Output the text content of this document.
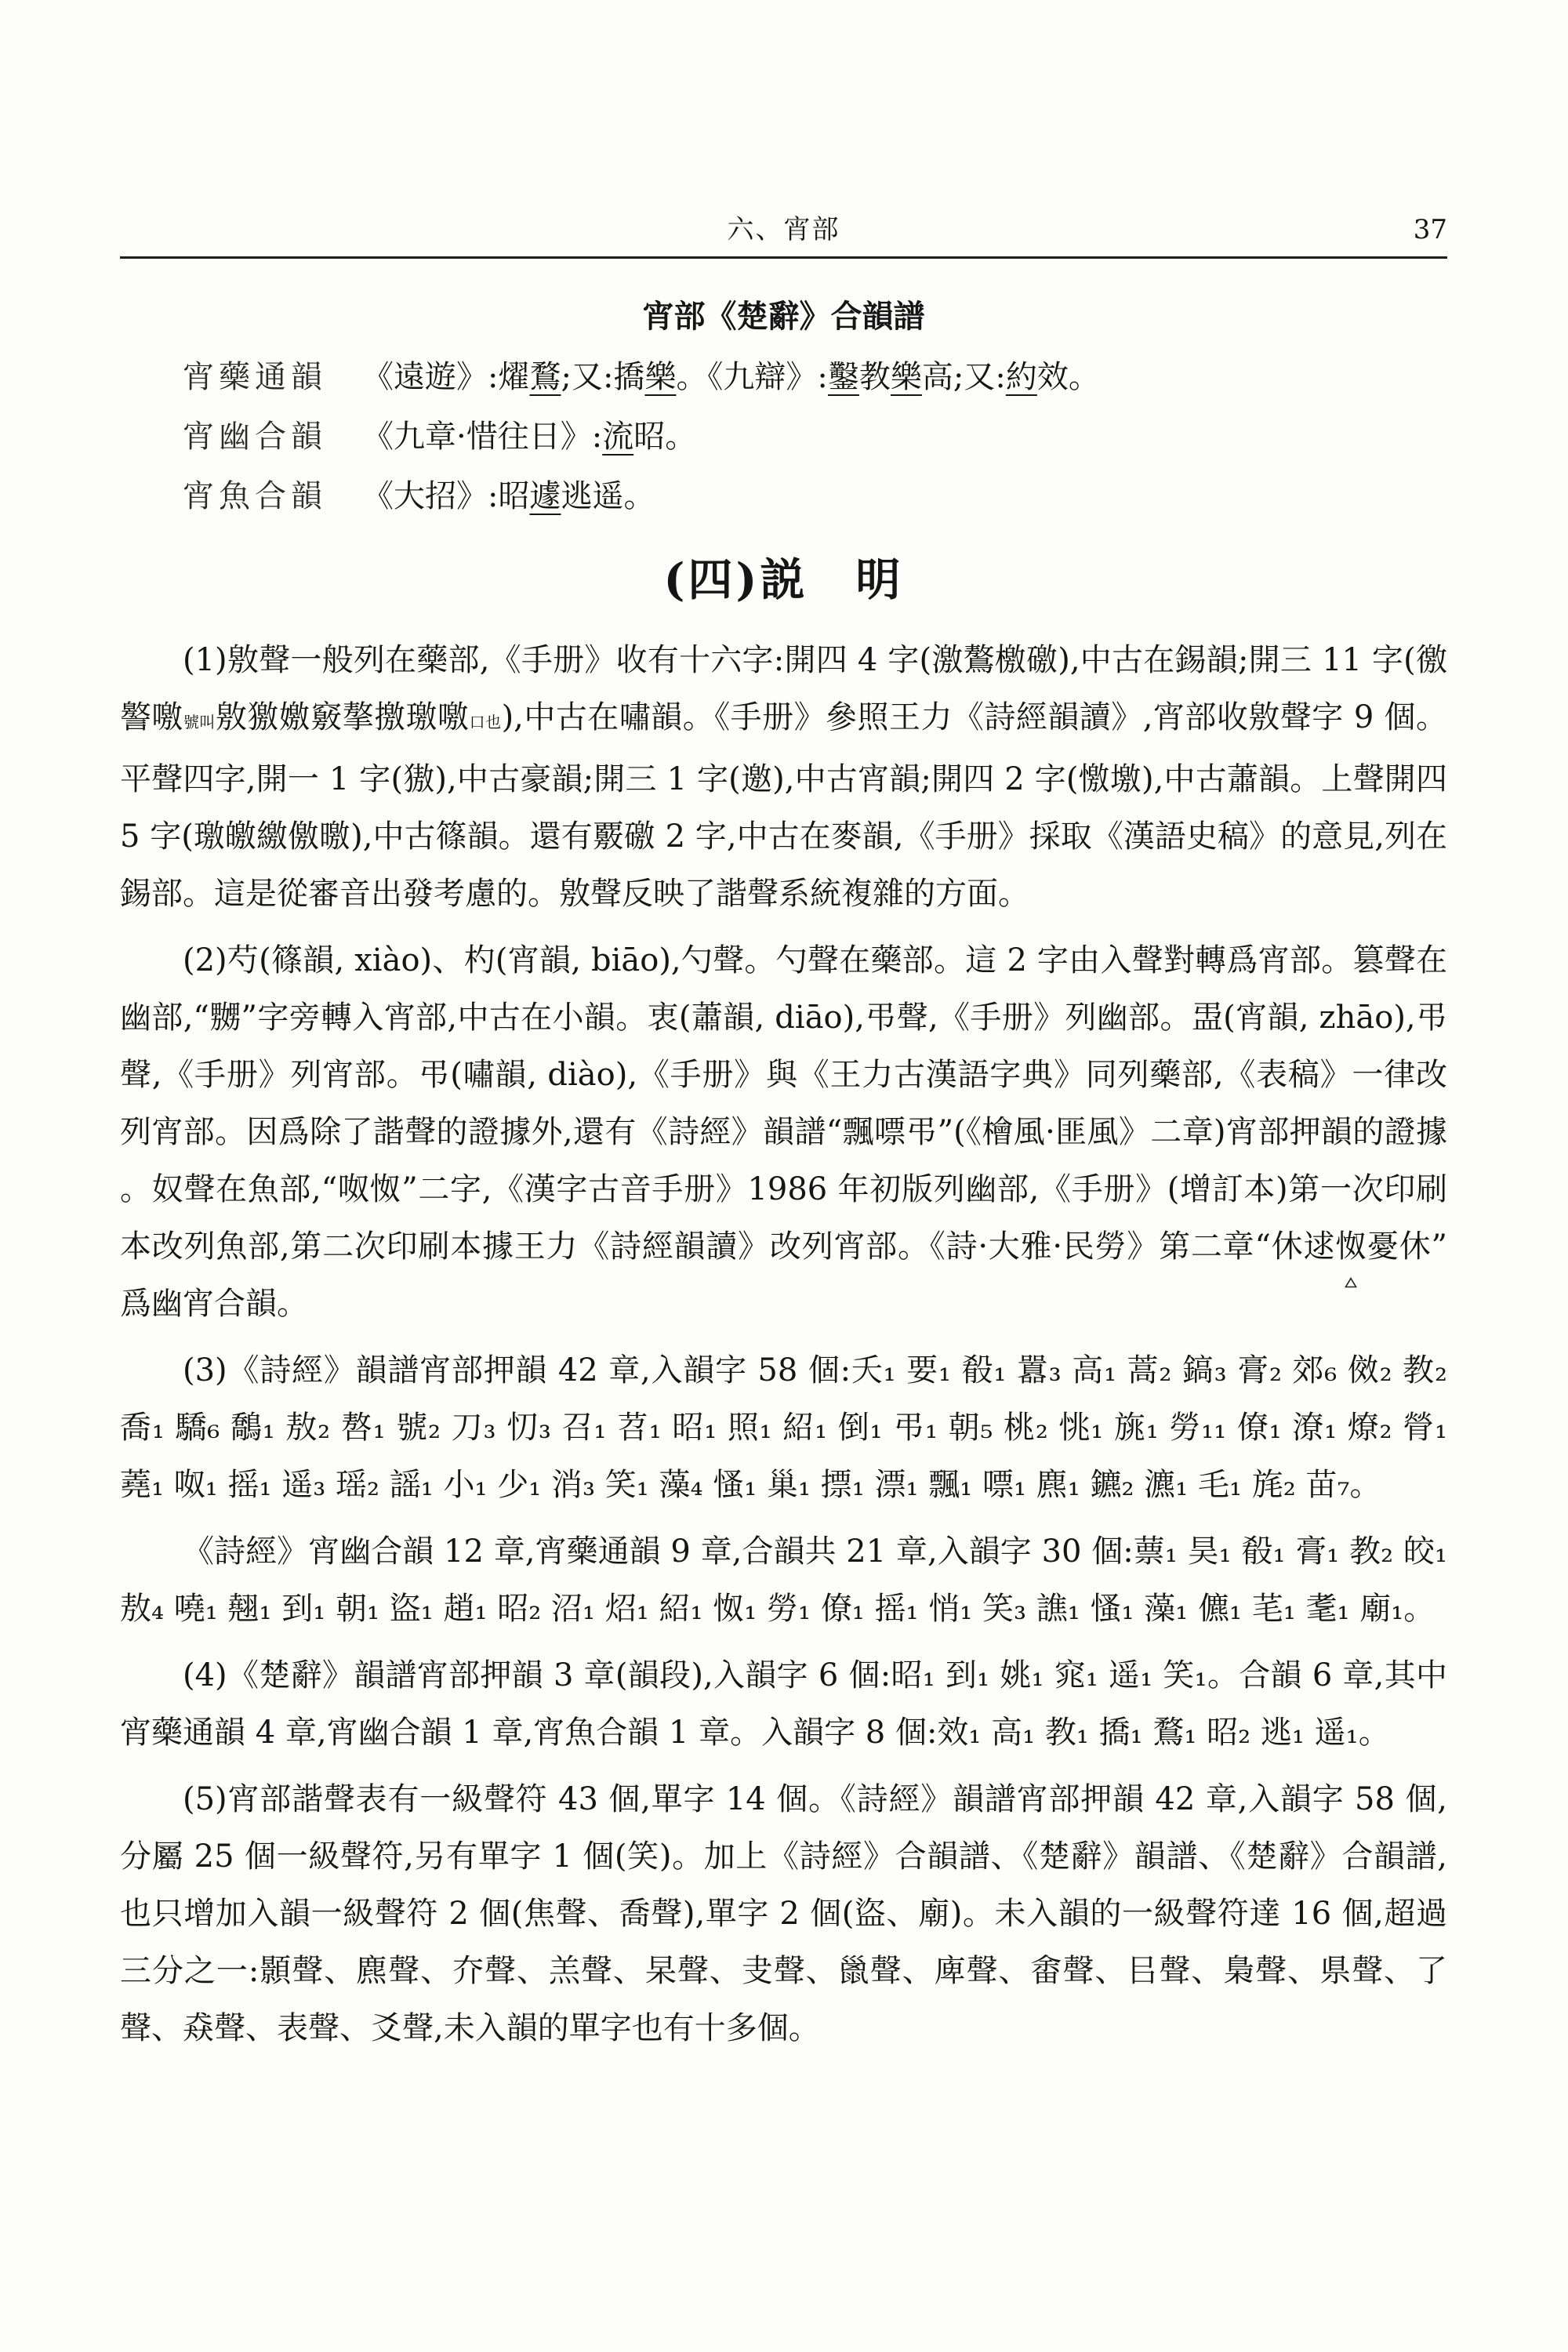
六、宵部	37
宵部《楚辭》合韻譜
宵藥通韻	《遠遊》:燿鶩;又:撟樂。《九辯》:鑿教樂高;又:約效。
宵幽合韻	《九章·惜往日》:流昭。
宵魚合韻	《大招》:昭遽逃遥。
(四)説　明

(1)敫聲一般列在藥部,《手册》收有十六字:開四 4 字(激鷔檄礉),中古在錫韻;開三 11 字(徼譥噭號叫敫獥嬓竅摮撽璬噭口也),中古在嘯韻。《手册》參照王力《詩經韻讀》,宵部收敫聲字 9 個。平聲四字,開一 1 字(獓),中古豪韻;開三 1 字(邀),中古宵韻;開四 2 字(憿墽),中古蕭韻。上聲開四 5 字(璬皦繳儌曒),中古篠韻。還有覈礉 2 字,中古在麥韻,《手册》採取《漢語史稿》的意見,列在錫部。這是從審音出發考慮的。敫聲反映了諧聲系統複雜的方面。

(2)芍(篠韻, xiào)、杓(宵韻, biāo),勺聲。勺聲在藥部。這 2 字由入聲對轉爲宵部。篡聲在幽部,“嬲”字旁轉入宵部,中古在小韻。衷(蕭韻, diāo),弔聲,《手册》列幽部。盄(宵韻, zhāo),弔聲,《手册》列宵部。弔(嘯韻, diào),《手册》與《王力古漢語字典》同列藥部,《表稿》一律改列宵部。因爲除了諧聲的證據外,還有《詩經》韻譜“飄嘌弔”(《檜風·匪風》二章)宵部押韻的證據。奴聲在魚部,“呶怓”二字,《漢字古音手册》1986 年初版列幽部,《手册》(增訂本)第一次印刷本改列魚部,第二次印刷本據王力《詩經韻讀》改列宵部。《詩·大雅·民勞》第二章“休逑怓
憂休”爲幽宵合韻。

(3)《詩經》韻譜宵部押韻 42 章,入韻字 58 個:夭₁ 要₁ 殽₁ 囂₃ 高₁ 蒿₂ 鎬₃ 膏₂ 郊₆ 傚₂ 教₂ 喬₁ 驕₆ 鷮₁ 敖₂ 嗸₁ 號₂ 刀₃ 忉₃ 召₁ 苕₁ 昭₁ 照₁ 紹₁ 倒₁ 弔₁ 朝₅ 桃₂ 恌₁ 旐₁ 勞₁₁ 僚₁ 潦₁ 燎₂ 膋₁ 蕘₁ 呶₁ 摇₁ 遥₃ 瑶₂ 謡₁ 小₁ 少₁ 消₃ 笑₁ 藻₄ 慅₁ 巢₁ 摽₁ 漂₁ 飄₁ 嘌₁ 麃₁ 鑣₂ 瀌₁ 毛₁ 旄₂ 苗₇。

《詩經》宵幽合韻 12 章,宵藥通韻 9 章,合韻共 21 章,入韻字 30 個:蔈₁ 昊₁ 殽₁ 膏₁ 教₂ 皎₁ 敖₄ 嘵₁ 翹₁ 到₁ 朝₁ 盜₁ 趙₁ 昭₂ 沼₁ 炤₁ 紹₁ 怓₁ 勞₁ 僚₁ 摇₁ 悄₁ 笑₃ 譙₁ 慅₁ 藻₁ 儦₁ 芼₁ 耄₁ 廟₁。

(4)《楚辭》韻譜宵部押韻 3 章(韻段),入韻字 6 個:昭₁ 到₁ 姚₁ 窕₁ 遥₁ 笑₁。合韻 6 章,其中宵藥通韻 4 章,宵幽合韻 1 章,宵魚合韻 1 章。入韻字 8 個:效₁ 高₁ 教₁ 撟₁ 鶩₁ 昭₂ 逃₁ 遥₁。

(5)宵部諧聲表有一級聲符 43 個,單字 14 個。《詩經》韻譜宵部押韻 42 章,入韻字 58 個,分屬 25 個一級聲符,另有單字 1 個(笑)。加上《詩經》合韻譜、《楚辭》韻譜、《楚辭》合韻譜,也只增加入韻一級聲符 2 個(焦聲、喬聲),單字 2 個(盜、廟)。未入韻的一級聲符達 16 個,超過三分之一:顥聲、麃聲、夰聲、羔聲、杲聲、叏聲、巤聲、庳聲、畬聲、㠯聲、梟聲、県聲、了聲、猋聲、表聲、爻聲,未入韻的單字也有十多個。
